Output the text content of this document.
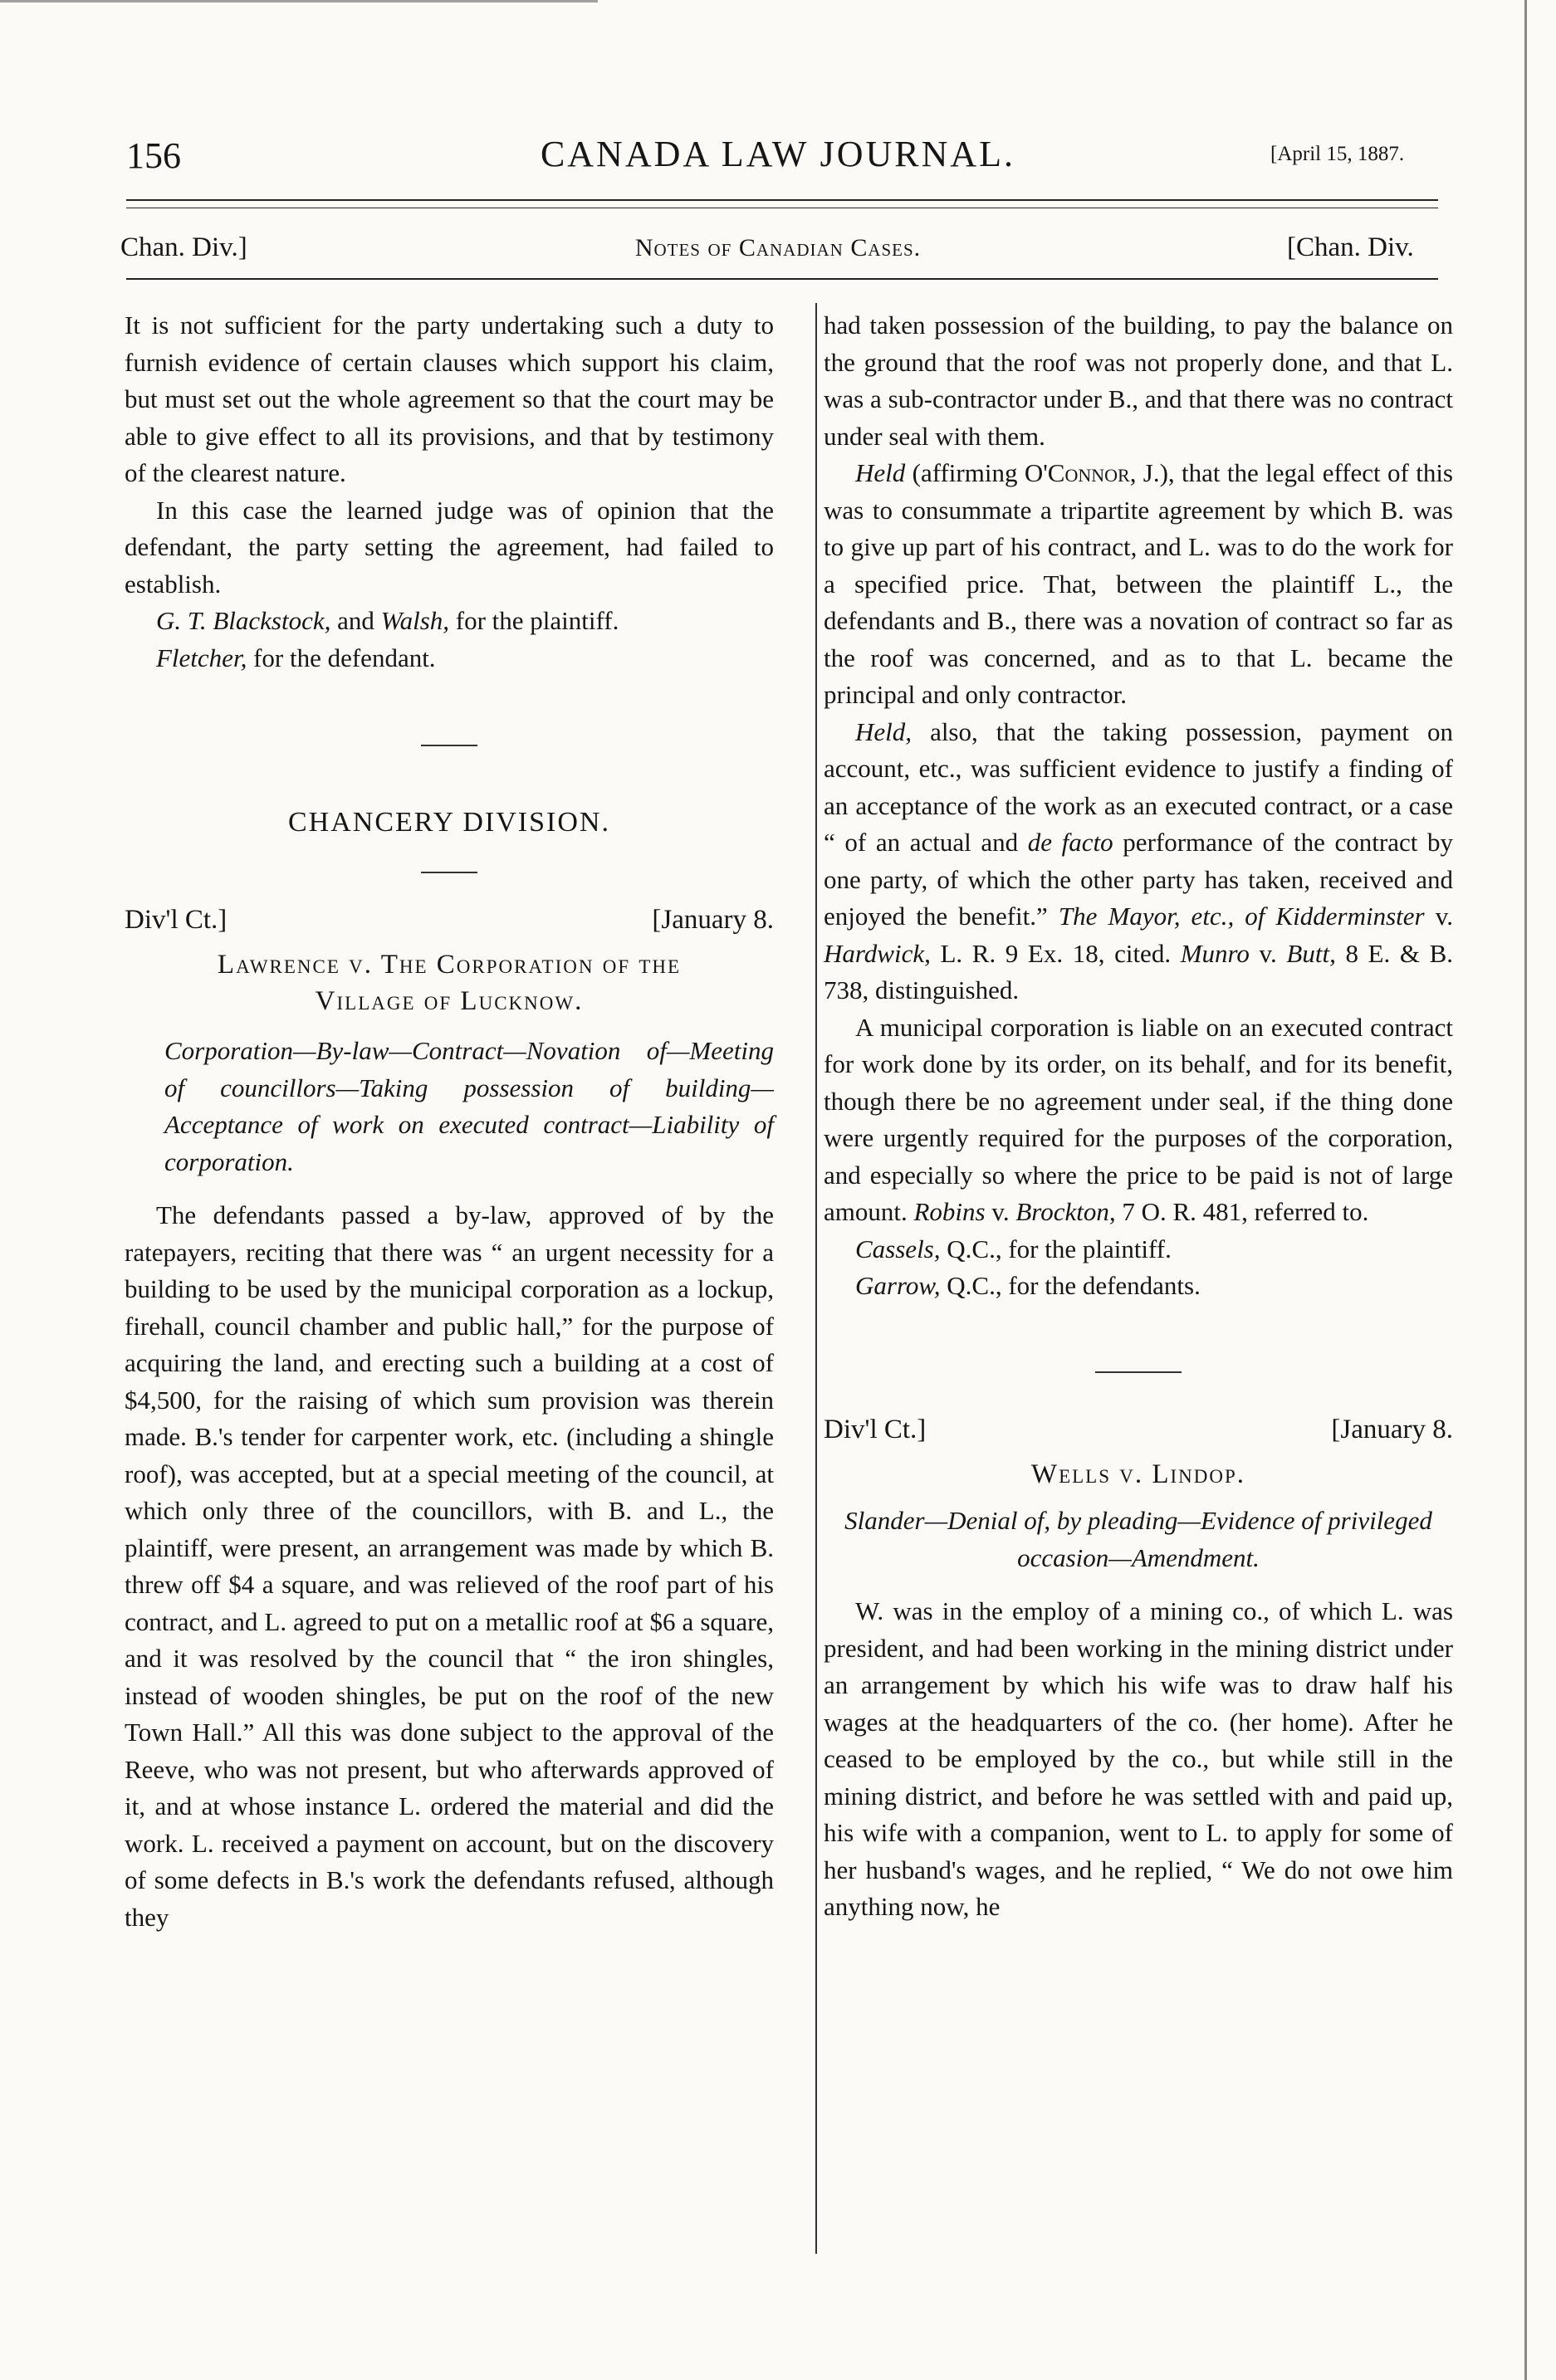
156	CANADA LAW JOURNAL.	[April 15, 1887.
Chan. Div.]	Notes of Canadian Cases.	[Chan. Div.

It is not sufficient for the party undertaking such a duty to furnish evidence of certain clauses which support his claim, but must set out the whole agreement so that the court may be able to give effect to all its provisions, and that by testimony of the clearest nature.

In this case the learned judge was of opinion that the defendant, the party setting the agreement, had failed to establish.

G. T. Blackstock, and Walsh, for the plaintiff.

Fletcher, for the defendant.

CHANCERY DIVISION.

Div'l Ct.]	[January 8.

Lawrence v. The Corporation of the
Village of Lucknow.

Corporation—By-law—Contract—Novation of—Meeting of councillors—Taking possession of building—Acceptance of work on executed contract—Liability of corporation.

The defendants passed a by-law, approved of by the ratepayers, reciting that there was “ an urgent necessity for a building to be used by the municipal corporation as a lockup, firehall, council chamber and public hall,” for the purpose of acquiring the land, and erecting such a building at a cost of $4,500, for the raising of which sum provision was therein made. B.'s tender for carpenter work, etc. (including a shingle roof), was accepted, but at a special meeting of the council, at which only three of the councillors, with B. and L., the plaintiff, were present, an arrangement was made by which B. threw off $4 a square, and was relieved of the roof part of his contract, and L. agreed to put on a metallic roof at $6 a square, and it was resolved by the council that “ the iron shingles, instead of wooden shingles, be put on the roof of the new Town Hall.” All this was done subject to the approval of the Reeve, who was not present, but who afterwards approved of it, and at whose instance L. ordered the material and did the work. L. received a payment on account, but on the discovery of some defects in B.'s work the defendants refused, although they

had taken possession of the building, to pay the balance on the ground that the roof was not properly done, and that L. was a sub-contractor under B., and that there was no contract under seal with them.

Held (affirming O'Connor, J.), that the legal effect of this was to consummate a tripartite agreement by which B. was to give up part of his contract, and L. was to do the work for a specified price. That, between the plaintiff L., the defendants and B., there was a novation of contract so far as the roof was concerned, and as to that L. became the principal and only contractor.

Held, also, that the taking possession, payment on account, etc., was sufficient evidence to justify a finding of an acceptance of the work as an executed contract, or a case “ of an actual and de facto performance of the contract by one party, of which the other party has taken, received and enjoyed the benefit.” The Mayor, etc., of Kidderminster v. Hardwick, L. R. 9 Ex. 18, cited. Munro v. Butt, 8 E. & B. 738, distinguished.

A municipal corporation is liable on an executed contract for work done by its order, on its behalf, and for its benefit, though there be no agreement under seal, if the thing done were urgently required for the purposes of the corporation, and especially so where the price to be paid is not of large amount. Robins v. Brockton, 7 O. R. 481, referred to.

Cassels, Q.C., for the plaintiff.

Garrow, Q.C., for the defendants.

Div'l Ct.]	[January 8.

Wells v. Lindop.

Slander—Denial of, by pleading—Evidence of privileged occasion—Amendment.

W. was in the employ of a mining co., of which L. was president, and had been working in the mining district under an arrangement by which his wife was to draw half his wages at the headquarters of the co. (her home). After he ceased to be employed by the co., but while still in the mining district, and before he was settled with and paid up, his wife with a companion, went to L. to apply for some of her husband's wages, and he replied, “ We do not owe him anything now, he
